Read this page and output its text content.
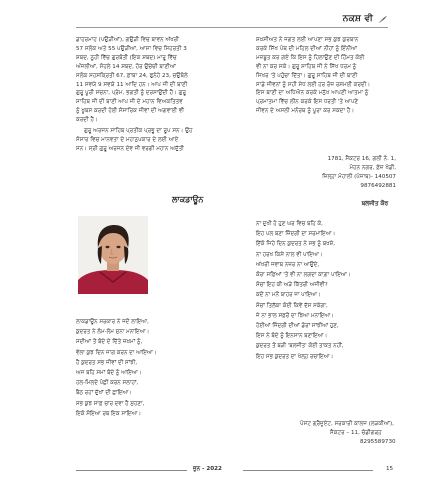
ਨਕਸ਼ ਵੀ

ਡਾਹਰਮਾਹ (ਪਉੜੀਆਂ), ਗਉੜੀ ਵਿਚ ਬਾਵਨ ਅੱਖਰੀ

57 ਸਲੋਕ ਅਤੇ 55 ਪਉੜੀਆਂ, ਆਸਾ ਵਿਚ ਸਿਹਰਤੀ 3

ਸ਼ਬਦ, ਨੂਹੀ ਵਿੱਚ ਗੁਰਬੰਤੀ (ਇਕ ਸ਼ਬਦ) ਮਾਰੂ ਵਿੱਚ

ਅੰਜਲੀਆਂ, ਸੋਹਲੇ 14 ਸ਼ਬਦ, ਹੋਰ ਉਚੇਚੀ ਬਾਣੀਆਂ

ਸਲੋਕ ਸਹਸਕ੍ਰਿਤੀ 67, ਫ਼ਾਬਾ 24, ਫੁਨੇਹੇ 23, ਚਉਬੋਲੇ

11 ਸਵਯੇ 9 ਸਵਯੇ 11 ਆਦਿ ਹਨ। ਆਪ ਜੀ ਦੀ ਬਾਣੀ

ਗੁਰੂ ਪੂਰੀ ਸਚਨਾ, ਪ੍ਰੇਮ, ਭਗਤੀ ਨੂੰ ਦਰਸਾਉਂਦੀ ਹੈ। ਗੁਰੂ

ਸਾਹਿਬ ਜੀ ਦੀ ਬਾਣੀ ਆਪ ਜੀ ਦੇ ਮਹਾਨ ਵਿਅਕਤਿਤਵ

ਨੂੰ ਖੂਬਸ ਕਰਦੀ ਹੋਈ ਸੰਸਾਰਿਕ ਜੀਵਾਂ ਦੀ ਅਗਵਾਈ ਵੀ

ਕਰਦੀ ਹੈ।

ਗੁਰੂ ਅਰਜਨ ਸਾਹਿਬ ਪ੍ਰਤੀਕ ਪ੍ਰਭੂ ਦਾ ਰੂਪ ਸਨ। ਉਹ

ਸੰਸਾਰ ਵਿਚ ਮਾਨਵਤਾ ਦੇ ਮਹਾਨੁਪਕਾਰ ਦੇ ਲਈ ਆਏ

ਸਨ। ਸ੍ਰੀ ਗੁਰੂ ਅਰਜਨ ਦੇਵ ਜੀ ਵਰਗੀ ਮਹਾਨ ਅਦੁੱਤੀ

ਸ਼ਖ਼ਸੀਅਤ ਨੇ ਜਗਤ ਲਈ ਆਪਣਾ ਸਭ ਕੁਝ ਕੁਰਬਾਨ

ਕਰਕੇ ਸਿੱਖ ਪੰਥ ਦੀ ਮਹਿਲ ਦੀਆਂ ਨੀਹਾਂ ਨੂੰ ਇੰਨੀਆਂ

ਮਜ਼ਬੂਤ ਕਰ ਗਏ ਕਿ ਇਸ ਨੂੰ ਹਿਲਾਉਣ ਦੀ ਹਿੰਮਤ ਕੋਈ

ਵੀ ਨਾ ਕਰ ਸਕੇ। ਗੁਰੂ ਸਾਹਿਬ ਜੀ ਨੇ ਸਿੱਖ ਧਰਮ ਨੂੰ

ਸਿਖਰ 'ਤੇ ਪਹੁੰਚਾ ਦਿੱਤਾ। ਗੁਰੂ ਸਾਹਿਬ ਜੀ ਦੀ ਬਾਣੀ

ਸਾਡੇ ਜੀਵਨਾਂ ਨੂੰ ਸਹੀ ਸੇਧ ਲਈ ਹਰ ਰੋਜ਼ ਰਸਮਈ ਕਰਦੀ।

ਇਸ ਬਾਣੀ ਦਾ ਅਧਿਐਨ ਕਰਕੇ ਮਨੁੱਖ ਆਪਣੀ ਆਤਮਾ ਨੂੰ

ਪ੍ਰਮਾਤਮਾ ਵਿੱਚ ਲੀਨ ਕਰਕੇ ਇਸ ਧਰਤੀ 'ਤੇ ਆਪਣੇ

ਜੀਵਨ ਦੇ ਅਸਲੀ ਮਨੋਰਥ ਨੂੰ ਪੂਰਾ ਕਰ ਸਕਦਾ ਹੈ।

1781, ਸੈਕਟਰ 16, ਗਲੀ ਨੰ. 1,

ਮੋਹਨ ਨਗਰ, ਫ਼ੇਜ਼ ਖੰਡੀ,

ਜ਼ਿਲ੍ਹਾ ਮੋਹਾਲੀ (ਪੰਜਾਬ)- 140507

9876492881

ਲਾਕਡਾਊਨ	ਬਲਜੀਤ ਕੌਰ

ਨਾ ਦੁਖੀ ਹੋ ਹੁਣ ਘਰ ਵਿਚ ਬਹਿ ਕੇ,

ਇਹ ਪਲ ਬਣਾ ਜ਼ਿੰਦਗੀ ਦਾ ਸਰਮਾਇਆ।

ਇੱਕੋ ਜਿਹੇ ਦਿਨ ਕੁਦਰਤ ਨੇ ਸਭ ਨੂੰ ਬਖਸ਼ੇ,

ਨਾ ਹਰਖ ਕਿਸੇ ਨਾਲ ਵੀ ਪਾਇਆ।

ਅੱਖਰੀ ਜਵਾਬ ਨਜ਼ਰ ਨਾ ਆਉਂਦੇ,

ਕੋਰਾ ਸਫ਼ਿਆਂ 'ਤੇ ਵੀ ਨਾ ਲਗਦਾ ਕਾਗ਼ਾ ਪਾਇਆ।

ਸੋਚਾਂ ਇਹ ਕੀ ਅੜੇ ਕਿੱਤਰੀ ਅਜੀਵੀ?

ਕਦੋਂ ਨਾ ਮਨੋਂ ਬਾਹਰ ਜਾ ਪਾਇਆ।

ਸੋਚਾਂ ਤਿਲੱਕਾ ਕੋਈ ਕਿਵੇਂ ਦੱਸ ਸਕੇਗਾ,

ਜੇ ਨਾ ਭਾਲ ਸਫ਼ਰੋਂ ਦਾ ਝਿਆ ਮਨਾਇਆ।

ਹੋਈਆਂ ਜਿੰਦਗੀ ਦੀਆਂ ਡੋਰਾਂ ਸਾਂਝੀਆਂ ਹੁਣ,

ਇਸ ਨੇ ਬੰਦੇ ਨੂੰ ਇਨਸਾਨ ਬਣਾਇਆ।

ਕੁਦਰਤ ਤੋਂ ਬੜੀ 'ਬਲਜੀਤ' ਕੋਈ ਤਾਕਤ ਨਹੀਂ,

ਇਹ ਸਭ ਕੁਦਰਤ ਦਾ ਖੇਲ੍ਹ ਰਚਾਇਆ।

ਲਾਕਡਾਊਨ ਸਰਕਾਰ ਨੇ ਜਦੋਂ ਲਾਇਆ,

ਕੁਦਰਤ ਨੇ ਲੰਮ-ਲੰਮ ਸੁਨਾ ਮਨਾਇਆ।

ਸਦੀਆਂ ਤੋਂ ਬੰਦੇ ਦੇ ਦਿੱਤੇ ਜ਼ਖ਼ਮਾਂ ਨੂੰ,

ਵੇਲਾ ਕੁਝ ਦਿਨ ਜਾਗ ਕਰਨ ਦਾ ਆਇਆ।

ਹੈ ਕੁਦਰਤ ਸਭ ਜੀਵਾਂ ਦੀ ਸਾਂਝੀ,

ਅਜ ਬਹਿ ਸਮਾਂ ਬੰਦੇ ਨੂੰ ਆਇਆ।

ਹਲ-ਮਿਲਦੇ ਪੰਛੀ ਕਰਨ ਸਲਾਹਾਂ,

ਬੈਠ ਰਹਾਂ ਦੁੱਖਾਂ ਦੀ ਛਾਇਆ।

ਸਭ ਕੁਝ ਸਾਫ਼ ਚਾਰ ਦਵਾ ਹੈ ਸੁਹਣਾ,

ਇਕੋ ਸੋਇਆ ਰਬ ਇਕ ਸਾਇਆ।

ਪੋਸਟ ਗ੍ਰੈਜੂਏਟ, ਸਰਕਾਰੀ ਕਾਲਜ (ਲੜਕੀਆਂ),

ਸੈਕਟਰ – 11, ਚੰਡੀਗੜ੍ਹ

8295589730

ਜੂਨ - 2022	15
